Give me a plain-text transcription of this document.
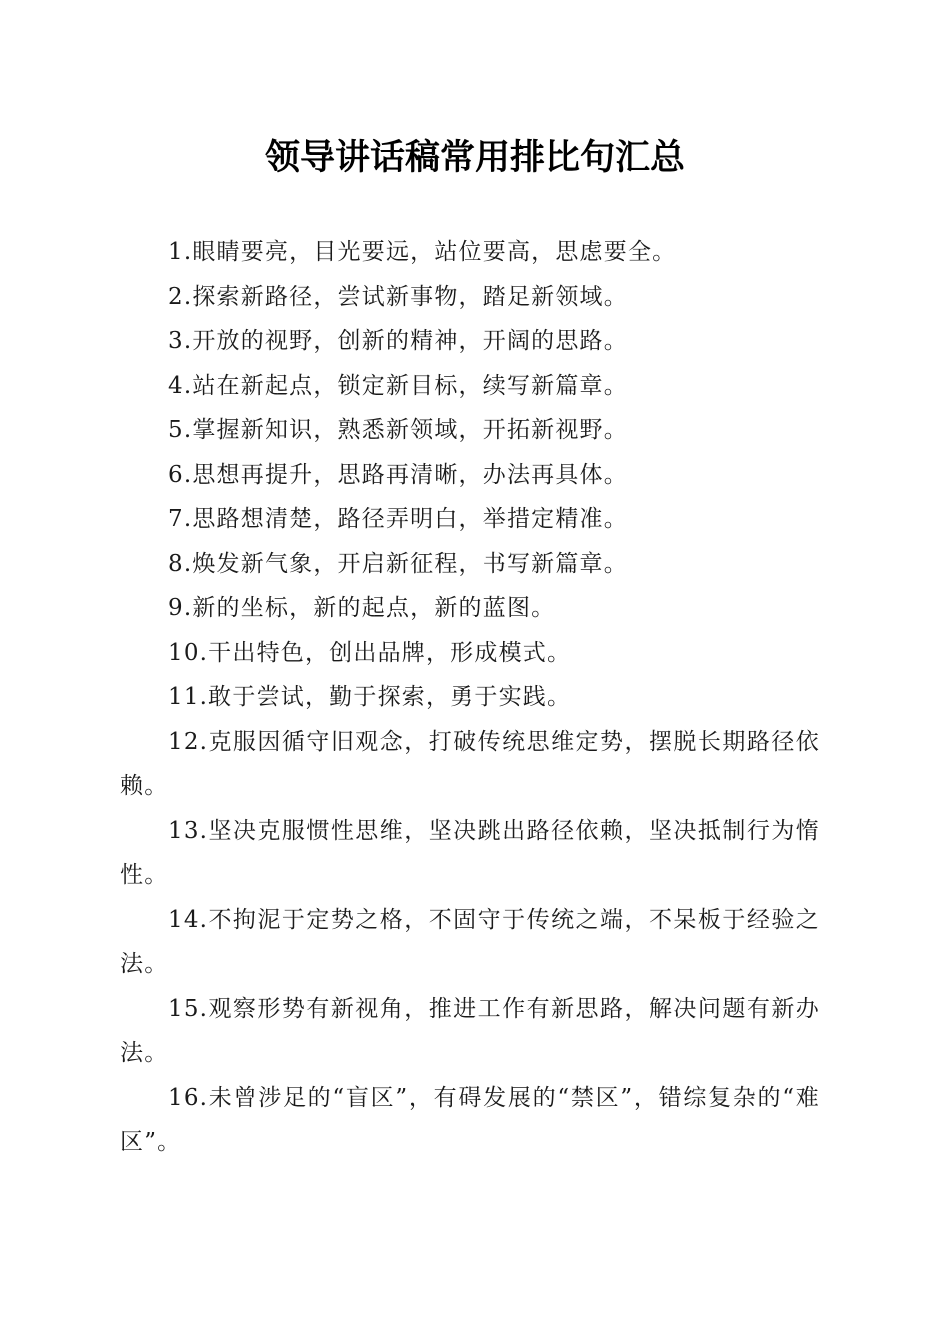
领导讲话稿常用排比句汇总

1.眼睛要亮，目光要远，站位要高，思虑要全。

2.探索新路径，尝试新事物，踏足新领域。

3.开放的视野，创新的精神，开阔的思路。

4.站在新起点，锁定新目标，续写新篇章。

5.掌握新知识，熟悉新领域，开拓新视野。

6.思想再提升，思路再清晰，办法再具体。

7.思路想清楚，路径弄明白，举措定精准。

8.焕发新气象，开启新征程，书写新篇章。

9.新的坐标，新的起点，新的蓝图。

10.干出特色，创出品牌，形成模式。

11.敢于尝试，勤于探索，勇于实践。

12.克服因循守旧观念，打破传统思维定势，摆脱长期路径依赖。

13.坚决克服惯性思维，坚决跳出路径依赖，坚决抵制行为惰性。

14.不拘泥于定势之格，不固守于传统之端，不呆板于经验之法。

15.观察形势有新视角，推进工作有新思路，解决问题有新办法。

16.未曾涉足的“盲区”，有碍发展的“禁区”，错综复杂的“难区”。
